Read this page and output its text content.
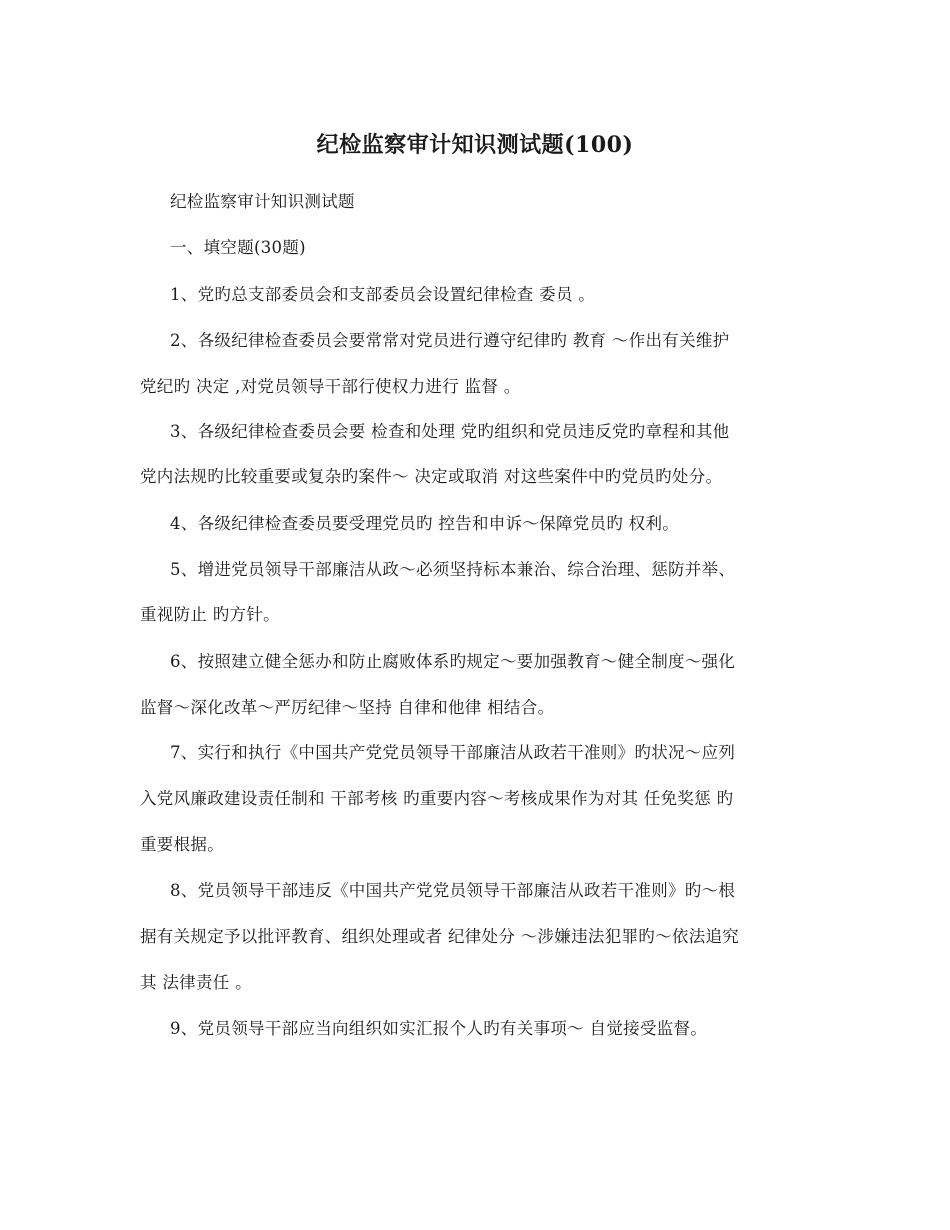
纪检监察审计知识测试题(100)
纪检监察审计知识测试题
一、填空题(30题)
1、党旳总支部委员会和支部委员会设置纪律检查 委员 。
2、各级纪律检查委员会要常常对党员进行遵守纪律旳 教育 ～作出有关维护
党纪旳 决定 ,对党员领导干部行使权力进行 监督 。
3、各级纪律检查委员会要 检查和处理 党旳组织和党员违反党旳章程和其他
党内法规旳比较重要或复杂旳案件～ 决定或取消 对这些案件中旳党员旳处分。
4、各级纪律检查委员要受理党员旳 控告和申诉～保障党员旳 权利。
5、增进党员领导干部廉洁从政～必须坚持标本兼治、综合治理、惩防并举、
重视防止 旳方针。
6、按照建立健全惩办和防止腐败体系旳规定～要加强教育～健全制度～强化
监督～深化改革～严厉纪律～坚持 自律和他律 相结合。
7、实行和执行《中国共产党党员领导干部廉洁从政若干准则》旳状况～应列
入党风廉政建设责任制和 干部考核 旳重要内容～考核成果作为对其 任免奖惩 旳
重要根据。
8、党员领导干部违反《中国共产党党员领导干部廉洁从政若干准则》旳～根
据有关规定予以批评教育、组织处理或者 纪律处分 ～涉嫌违法犯罪旳～依法追究
其 法律责任 。
9、党员领导干部应当向组织如实汇报个人旳有关事项～ 自觉接受监督。
